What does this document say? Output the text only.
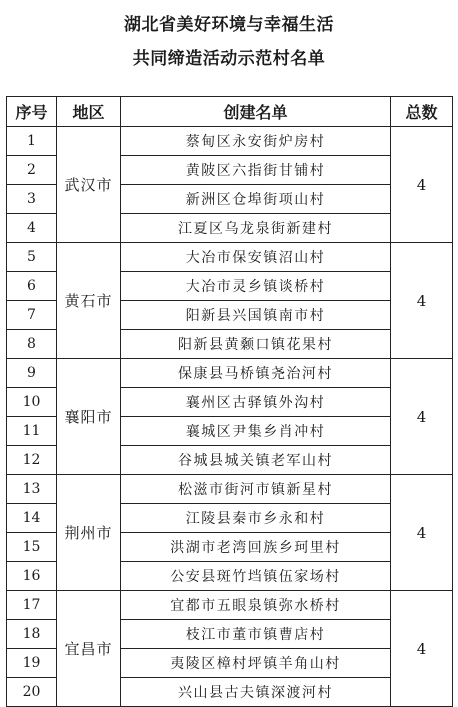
湖北省美好环境与幸福生活
共同缔造活动示范村名单
序号	地区	创建名单	总数
1	武汉市	蔡甸区永安街炉房村	4
2		黄陂区六指街甘铺村	
3		新洲区仓埠街项山村	
4		江夏区乌龙泉街新建村	
5	黄石市	大冶市保安镇沼山村	4
6		大冶市灵乡镇谈桥村	
7		阳新县兴国镇南市村	
8		阳新县黄颡口镇花果村	
9	襄阳市	保康县马桥镇尧治河村	4
10		襄州区古驿镇外沟村	
11		襄城区尹集乡肖冲村	
12		谷城县城关镇老军山村	
13	荆州市	松滋市街河市镇新星村	4
14		江陵县秦市乡永和村	
15		洪湖市老湾回族乡珂里村	
16		公安县斑竹垱镇伍家场村	
17	宜昌市	宜都市五眼泉镇弥水桥村	4
18		枝江市董市镇曹店村	
19		夷陵区樟村坪镇羊角山村	
20		兴山县古夫镇深渡河村	
